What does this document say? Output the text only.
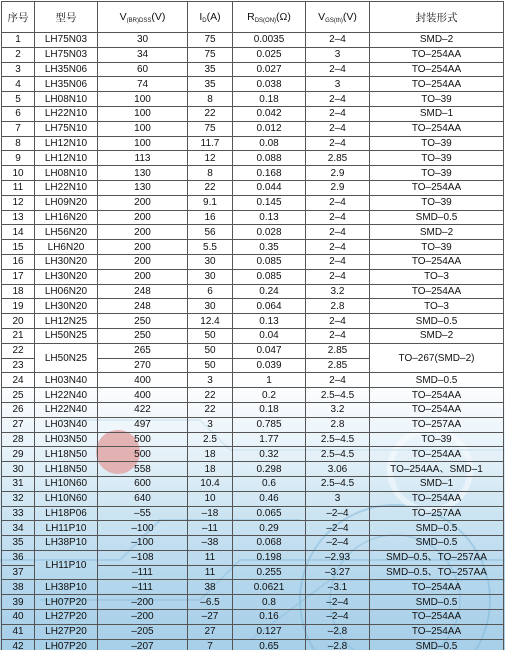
序号	型号	$V_{(BR)DSS}(V)$	$I_D(A)$	$R_{DS(ON)}(\Omega)$	$V_{GS(th)}(V)$	封装形式
1	LH75N03	30	75	0.0035	2–4	SMD–2
2	LH75N03	34	75	0.025	3	TO–254AA
3	LH35N06	60	35	0.027	2–4	TO–254AA
4	LH35N06	74	35	0.038	3	TO–254AA
5	LH08N10	100	8	0.18	2–4	TO–39
6	LH22N10	100	22	0.042	2–4	SMD–1
7	LH75N10	100	75	0.012	2–4	TO–254AA
8	LH12N10	100	11.7	0.08	2–4	TO–39
9	LH12N10	113	12	0.088	2.85	TO–39
10	LH08N10	130	8	0.168	2.9	TO–39
11	LH22N10	130	22	0.044	2.9	TO–254AA
12	LH09N20	200	9.1	0.145	2–4	TO–39
13	LH16N20	200	16	0.13	2–4	SMD–0.5
14	LH56N20	200	56	0.028	2–4	SMD–2
15	LH6N20	200	5.5	0.35	2–4	TO–39
16	LH30N20	200	30	0.085	2–4	TO–254AA
17	LH30N20	200	30	0.085	2–4	TO–3
18	LH06N20	248	6	0.24	3.2	TO–254AA
19	LH30N20	248	30	0.064	2.8	TO–3
20	LH12N25	250	12.4	0.13	2–4	SMD–0.5
21	LH50N25	250	50	0.04	2–4	SMD–2
22	LH50N25	265	50	0.047	2.85	TO–267(SMD–2)
23		270	50	0.039	2.85	
24	LH03N40	400	3	1	2–4	SMD–0.5
25	LH22N40	400	22	0.2	2.5–4.5	TO–254AA
26	LH22N40	422	22	0.18	3.2	TO–254AA
27	LH03N40	497	3	0.785	2.8	TO–257AA
28	LH03N50	500	2.5	1.77	2.5–4.5	TO–39
29	LH18N50	500	18	0.32	2.5–4.5	TO–254AA
30	LH18N50	558	18	0.298	3.06	TO–254AA、SMD–1
31	LH10N60	600	10.4	0.6	2.5–4.5	SMD–1
32	LH10N60	640	10	0.46	3	TO–254AA
33	LH18P06	–55	–18	0.065	–2–4	TO–257AA
34	LH11P10	–100	–11	0.29	–2–4	SMD–0.5
35	LH38P10	–100	–38	0.068	–2–4	SMD–0.5
36	LH11P10	–108	11	0.198	–2.93	SMD–0.5、TO–257AA
37		–111	11	0.255	–3.27	SMD–0.5、TO–257AA
38	LH38P10	–111	38	0.0621	–3.1	TO–254AA
39	LH07P20	–200	–6.5	0.8	–2–4	SMD–0.5
40	LH27P20	–200	–27	0.16	–2–4	TO–254AA
41	LH27P20	–205	27	0.127	–2.8	TO–254AA
42	LH07P20	–207	7	0.65	–2.8	SMD–0.5
